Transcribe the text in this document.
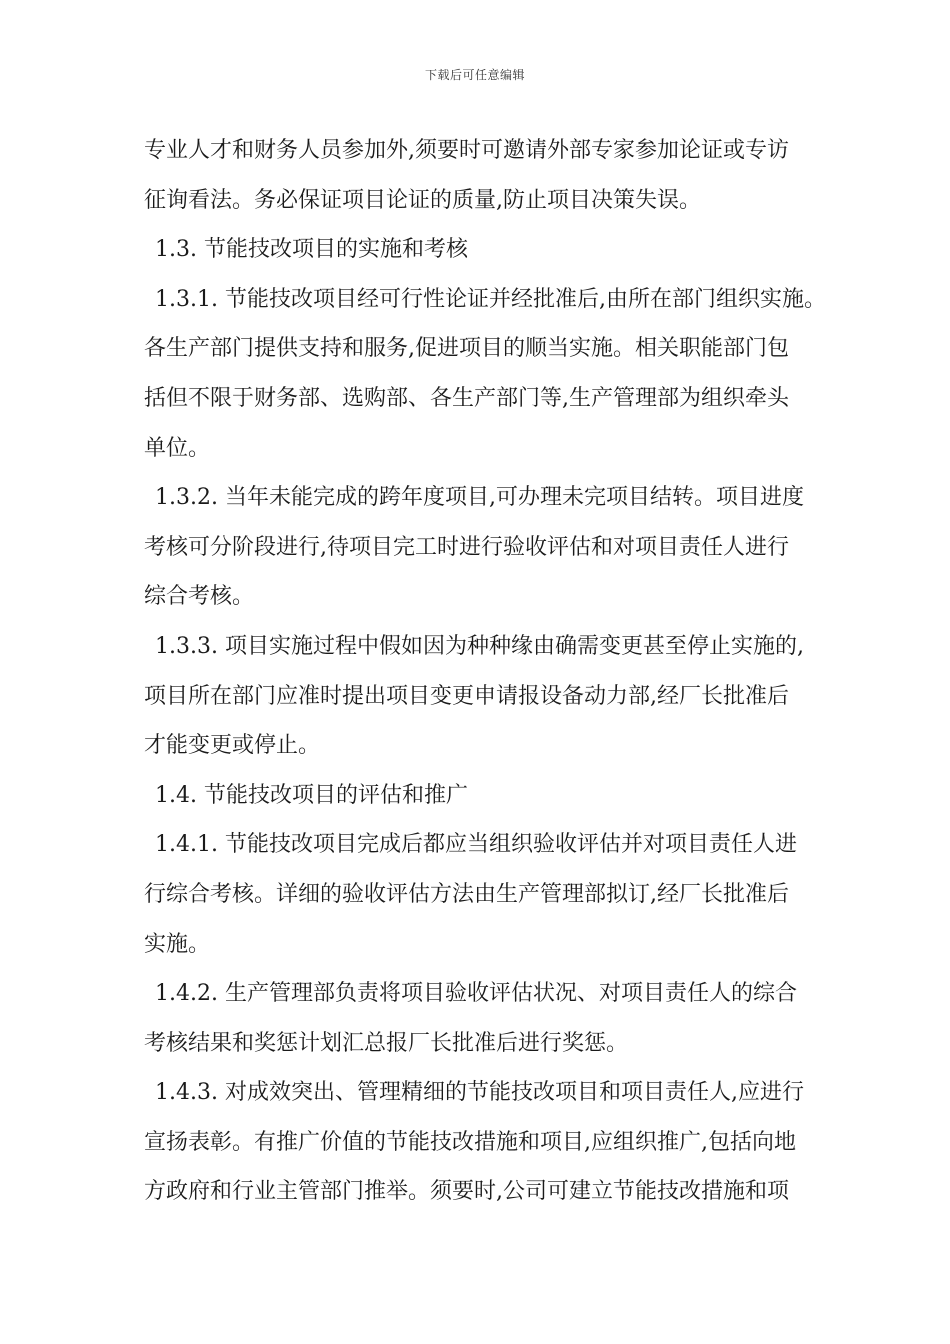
下载后可任意编辑
专业人才和财务人员参加外,须要时可邀请外部专家参加论证或专访
征询看法。务必保证项目论证的质量,防止项目决策失误。
1.3. 节能技改项目的实施和考核
1.3.1. 节能技改项目经可行性论证并经批准后,由所在部门组织实施。
各生产部门提供支持和服务,促进项目的顺当实施。相关职能部门包
括但不限于财务部、选购部、各生产部门等,生产管理部为组织牵头
单位。
1.3.2. 当年未能完成的跨年度项目,可办理未完项目结转。项目进度
考核可分阶段进行,待项目完工时进行验收评估和对项目责任人进行
综合考核。
1.3.3. 项目实施过程中假如因为种种缘由确需变更甚至停止实施的,
项目所在部门应准时提出项目变更申请报设备动力部,经厂长批准后
才能变更或停止。
1.4. 节能技改项目的评估和推广
1.4.1. 节能技改项目完成后都应当组织验收评估并对项目责任人进
行综合考核。详细的验收评估方法由生产管理部拟订,经厂长批准后
实施。
1.4.2. 生产管理部负责将项目验收评估状况、对项目责任人的综合
考核结果和奖惩计划汇总报厂长批准后进行奖惩。
1.4.3. 对成效突出、管理精细的节能技改项目和项目责任人,应进行
宣扬表彰。有推广价值的节能技改措施和项目,应组织推广,包括向地
方政府和行业主管部门推举。须要时,公司可建立节能技改措施和项
